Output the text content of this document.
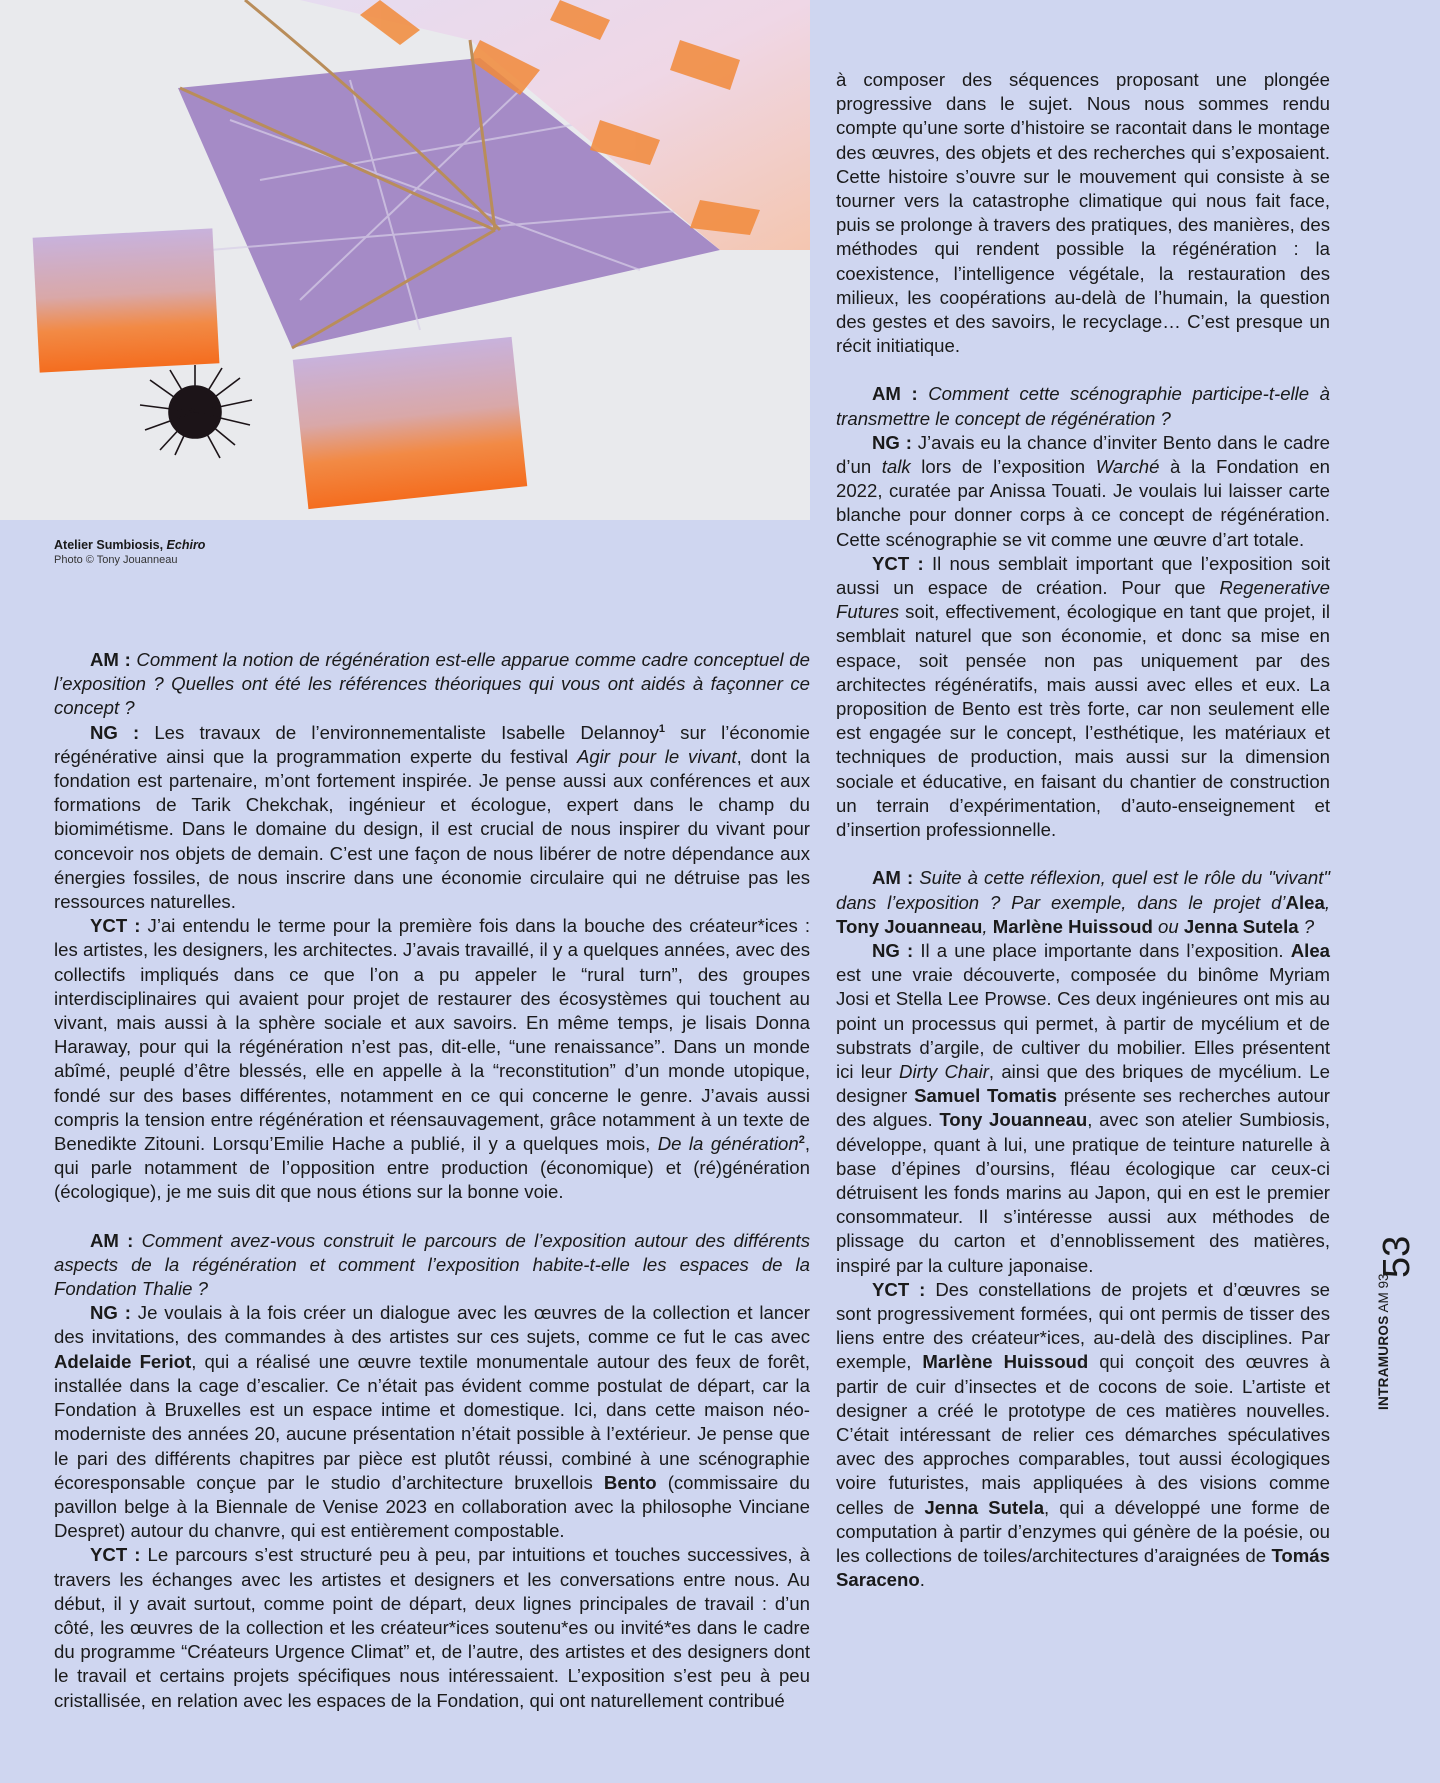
Atelier Sumbiosis, Echiro
Photo © Tony Jouanneau

AM : Comment la notion de régénération est-elle apparue comme cadre conceptuel de l’exposition ? Quelles ont été les références théoriques qui vous ont aidés à façonner ce concept ?

NG : Les travaux de l’environnementaliste Isabelle Delannoy$^1$ sur l’économie régénérative ainsi que la programmation experte du festival Agir pour le vivant, dont la fondation est partenaire, m’ont fortement inspirée. Je pense aussi aux conférences et aux formations de Tarik Chekchak, ingénieur et écologue, expert dans le champ du biomimétisme. Dans le domaine du design, il est crucial de nous inspirer du vivant pour concevoir nos objets de demain. C’est une façon de nous libérer de notre dépendance aux énergies fossiles, de nous inscrire dans une économie circulaire qui ne détruise pas les ressources naturelles.

YCT : J’ai entendu le terme pour la première fois dans la bouche des créateur*ices : les artistes, les designers, les architectes. J’avais travaillé, il y a quelques années, avec des collectifs impliqués dans ce que l’on a pu appeler le “rural turn”, des groupes interdisciplinaires qui avaient pour projet de restaurer des écosystèmes qui touchent au vivant, mais aussi à la sphère sociale et aux savoirs. En même temps, je lisais Donna Haraway, pour qui la régénération n’est pas, dit-elle, “une renaissance”. Dans un monde abîmé, peuplé d’être blessés, elle en appelle à la “reconstitution” d’un monde utopique, fondé sur des bases différentes, notamment en ce qui concerne le genre. J’avais aussi compris la tension entre régénération et réensauvagement, grâce notamment à un texte de Benedikte Zitouni. Lorsqu’Emilie Hache a publié, il y a quelques mois, De la génération$^2$, qui parle notamment de l’opposition entre production (économique) et (ré)génération (écologique), je me suis dit que nous étions sur la bonne voie.

AM : Comment avez-vous construit le parcours de l’exposition autour des différents aspects de la régénération et comment l’exposition habite-t-elle les espaces de la Fondation Thalie ?

NG : Je voulais à la fois créer un dialogue avec les œuvres de la collection et lancer des invitations, des commandes à des artistes sur ces sujets, comme ce fut le cas avec Adelaide Feriot, qui a réalisé une œuvre textile monumentale autour des feux de forêt, installée dans la cage d’escalier. Ce n’était pas évident comme postulat de départ, car la Fondation à Bruxelles est un espace intime et domestique. Ici, dans cette maison néo-moderniste des années 20, aucune présentation n’était possible à l’extérieur. Je pense que le pari des différents chapitres par pièce est plutôt réussi, combiné à une scénographie écoresponsable conçue par le studio d’architecture bruxellois Bento (commissaire du pavillon belge à la Biennale de Venise 2023 en collaboration avec la philosophe Vinciane Despret) autour du chanvre, qui est entièrement compostable.

YCT : Le parcours s’est structuré peu à peu, par intuitions et touches successives, à travers les échanges avec les artistes et designers et les conversations entre nous. Au début, il y avait surtout, comme point de départ, deux lignes principales de travail : d’un côté, les œuvres de la collection et les créateur*ices soutenu*es ou invité*es dans le cadre du programme “Créateurs Urgence Climat” et, de l’autre, des artistes et des designers dont le travail et certains projets spécifiques nous intéressaient. L’exposition s’est peu à peu cristallisée, en relation avec les espaces de la Fondation, qui ont naturellement contribué

à composer des séquences proposant une plongée progressive dans le sujet. Nous nous sommes rendu compte qu’une sorte d’histoire se racontait dans le montage des œuvres, des objets et des recherches qui s’exposaient. Cette histoire s’ouvre sur le mouvement qui consiste à se tourner vers la catastrophe climatique qui nous fait face, puis se prolonge à travers des pratiques, des manières, des méthodes qui rendent possible la régénération : la coexistence, l’intelligence végétale, la restauration des milieux, les coopérations au-delà de l’humain, la question des gestes et des savoirs, le recyclage… C’est presque un récit initiatique.

AM : Comment cette scénographie participe-t-elle à transmettre le concept de régénération ?

NG : J’avais eu la chance d’inviter Bento dans le cadre d’un talk lors de l’exposition Warché à la Fondation en 2022, curatée par Anissa Touati. Je voulais lui laisser carte blanche pour donner corps à ce concept de régénération. Cette scénographie se vit comme une œuvre d’art totale.

YCT : Il nous semblait important que l’exposition soit aussi un espace de création. Pour que Regenerative Futures soit, effectivement, écologique en tant que projet, il semblait naturel que son économie, et donc sa mise en espace, soit pensée non pas uniquement par des architectes régénératifs, mais aussi avec elles et eux. La proposition de Bento est très forte, car non seulement elle est engagée sur le concept, l’esthétique, les matériaux et techniques de production, mais aussi sur la dimension sociale et éducative, en faisant du chantier de construction un terrain d’expérimentation, d’auto-enseignement et d’insertion professionnelle.

AM : Suite à cette réflexion, quel est le rôle du "vivant" dans l’exposition ? Par exemple, dans le projet d’Alea, Tony Jouanneau, Marlène Huissoud ou Jenna Sutela ?

NG : Il a une place importante dans l’exposition. Alea est une vraie découverte, composée du binôme Myriam Josi et Stella Lee Prowse. Ces deux ingénieures ont mis au point un processus qui permet, à partir de mycélium et de substrats d’argile, de cultiver du mobilier. Elles présentent ici leur Dirty Chair, ainsi que des briques de mycélium. Le designer Samuel Tomatis présente ses recherches autour des algues. Tony Jouanneau, avec son atelier Sumbiosis, développe, quant à lui, une pratique de teinture naturelle à base d’épines d’oursins, fléau écologique car ceux-ci détruisent les fonds marins au Japon, qui en est le premier consommateur. Il s’intéresse aussi aux méthodes de plissage du carton et d’ennoblissement des matières, inspiré par la culture japonaise.

YCT : Des constellations de projets et d’œuvres se sont progressivement formées, qui ont permis de tisser des liens entre des créateur*ices, au-delà des disciplines. Par exemple, Marlène Huissoud qui conçoit des œuvres à partir de cuir d’insectes et de cocons de soie. L’artiste et designer a créé le prototype de ces matières nouvelles. C’était intéressant de relier ces démarches spéculatives avec des approches comparables, tout aussi écologiques voire futuristes, mais appliquées à des visions comme celles de Jenna Sutela, qui a développé une forme de computation à partir d’enzymes qui génère de la poésie, ou les collections de toiles/architectures d’araignées de Tomás Saraceno.

53
INTRAMUROS AM 93
